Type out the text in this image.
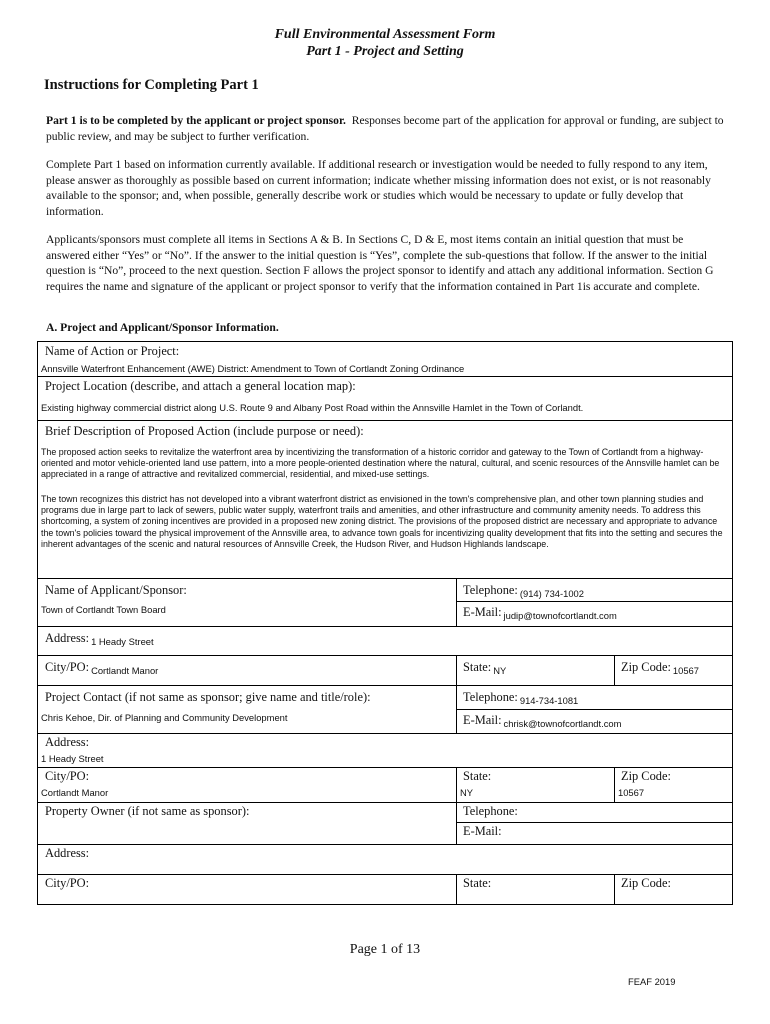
Full Environmental Assessment Form
Part 1 - Project and Setting
Instructions for Completing Part 1

Part 1 is to be completed by the applicant or project sponsor. Responses become part of the application for approval or funding, are subject to public review, and may be subject to further verification.

Complete Part 1 based on information currently available. If additional research or investigation would be needed to fully respond to any item, please answer as thoroughly as possible based on current information; indicate whether missing information does not exist, or is not reasonably available to the sponsor; and, when possible, generally describe work or studies which would be necessary to update or fully develop that information.

Applicants/sponsors must complete all items in Sections A & B. In Sections C, D & E, most items contain an initial question that must be answered either “Yes” or “No”. If the answer to the initial question is “Yes”, complete the sub-questions that follow. If the answer to the initial question is “No”, proceed to the next question. Section F allows the project sponsor to identify and attach any additional information. Section G requires the name and signature of the applicant or project sponsor to verify that the information contained in Part 1is accurate and complete.

A. Project and Applicant/Sponsor Information.
Name of Action or Project:
Annsville Waterfront Enhancement (AWE) District: Amendment to Town of Cortlandt Zoning Ordinance
Project Location (describe, and attach a general location map):
Existing highway commercial district along U.S. Route 9 and Albany Post Road within the Annsville Hamlet in the Town of Corlandt.
Brief Description of Proposed Action (include purpose or need):

The proposed action seeks to revitalize the waterfront area by incentivizing the transformation of a historic corridor and gateway to the Town of Cortlandt from a highway-oriented and motor vehicle-oriented land use pattern, into a more people-oriented destination where the natural, cultural, and scenic resources of the Annsville hamlet can be appreciated in a range of attractive and revitalized commercial, residential, and mixed-use settings.

The town recognizes this district has not developed into a vibrant waterfront district as envisioned in the town's comprehensive plan, and other town planning studies and programs due in large part to lack of sewers, public water supply, waterfront trails and amenities, and other infrastructure and community amenity needs. To address this shortcoming, a system of zoning incentives are provided in a proposed new zoning district. The provisions of the proposed district are necessary and appropriate to advance the town's policies toward the physical improvement of the Annsville area, to advance town goals for incentivizing quality development that fits into the setting and secures the inherent advantages of the scenic and natural resources of Annsville Creek, the Hudson River, and Hudson Highlands landscape.

Name of Applicant/Sponsor:
Town of Cortlandt Town Board
Telephone: $_{(914) 734-1002}$
E-Mail: $_{judip@townofcortlandt.com}$
Address: $_{1 Heady Street}$
City/PO: $_{Cortlandt Manor}$	State: $_{NY}$	Zip Code: $_{10567}$
Project Contact (if not same as sponsor; give name and title/role):
Chris Kehoe, Dir. of Planning and Community Development
Telephone: $_{914-734-1081}$
E-Mail: $_{chrisk@townofcortlandt.com}$
Address:
1 Heady Street
City/PO:
Cortlandt Manor
State:
NY
Zip Code:
10567
Property Owner (if not same as sponsor):	Telephone:
E-Mail:
Address:
City/PO:	State:	Zip Code:
Page 1 of 13
FEAF 2019
